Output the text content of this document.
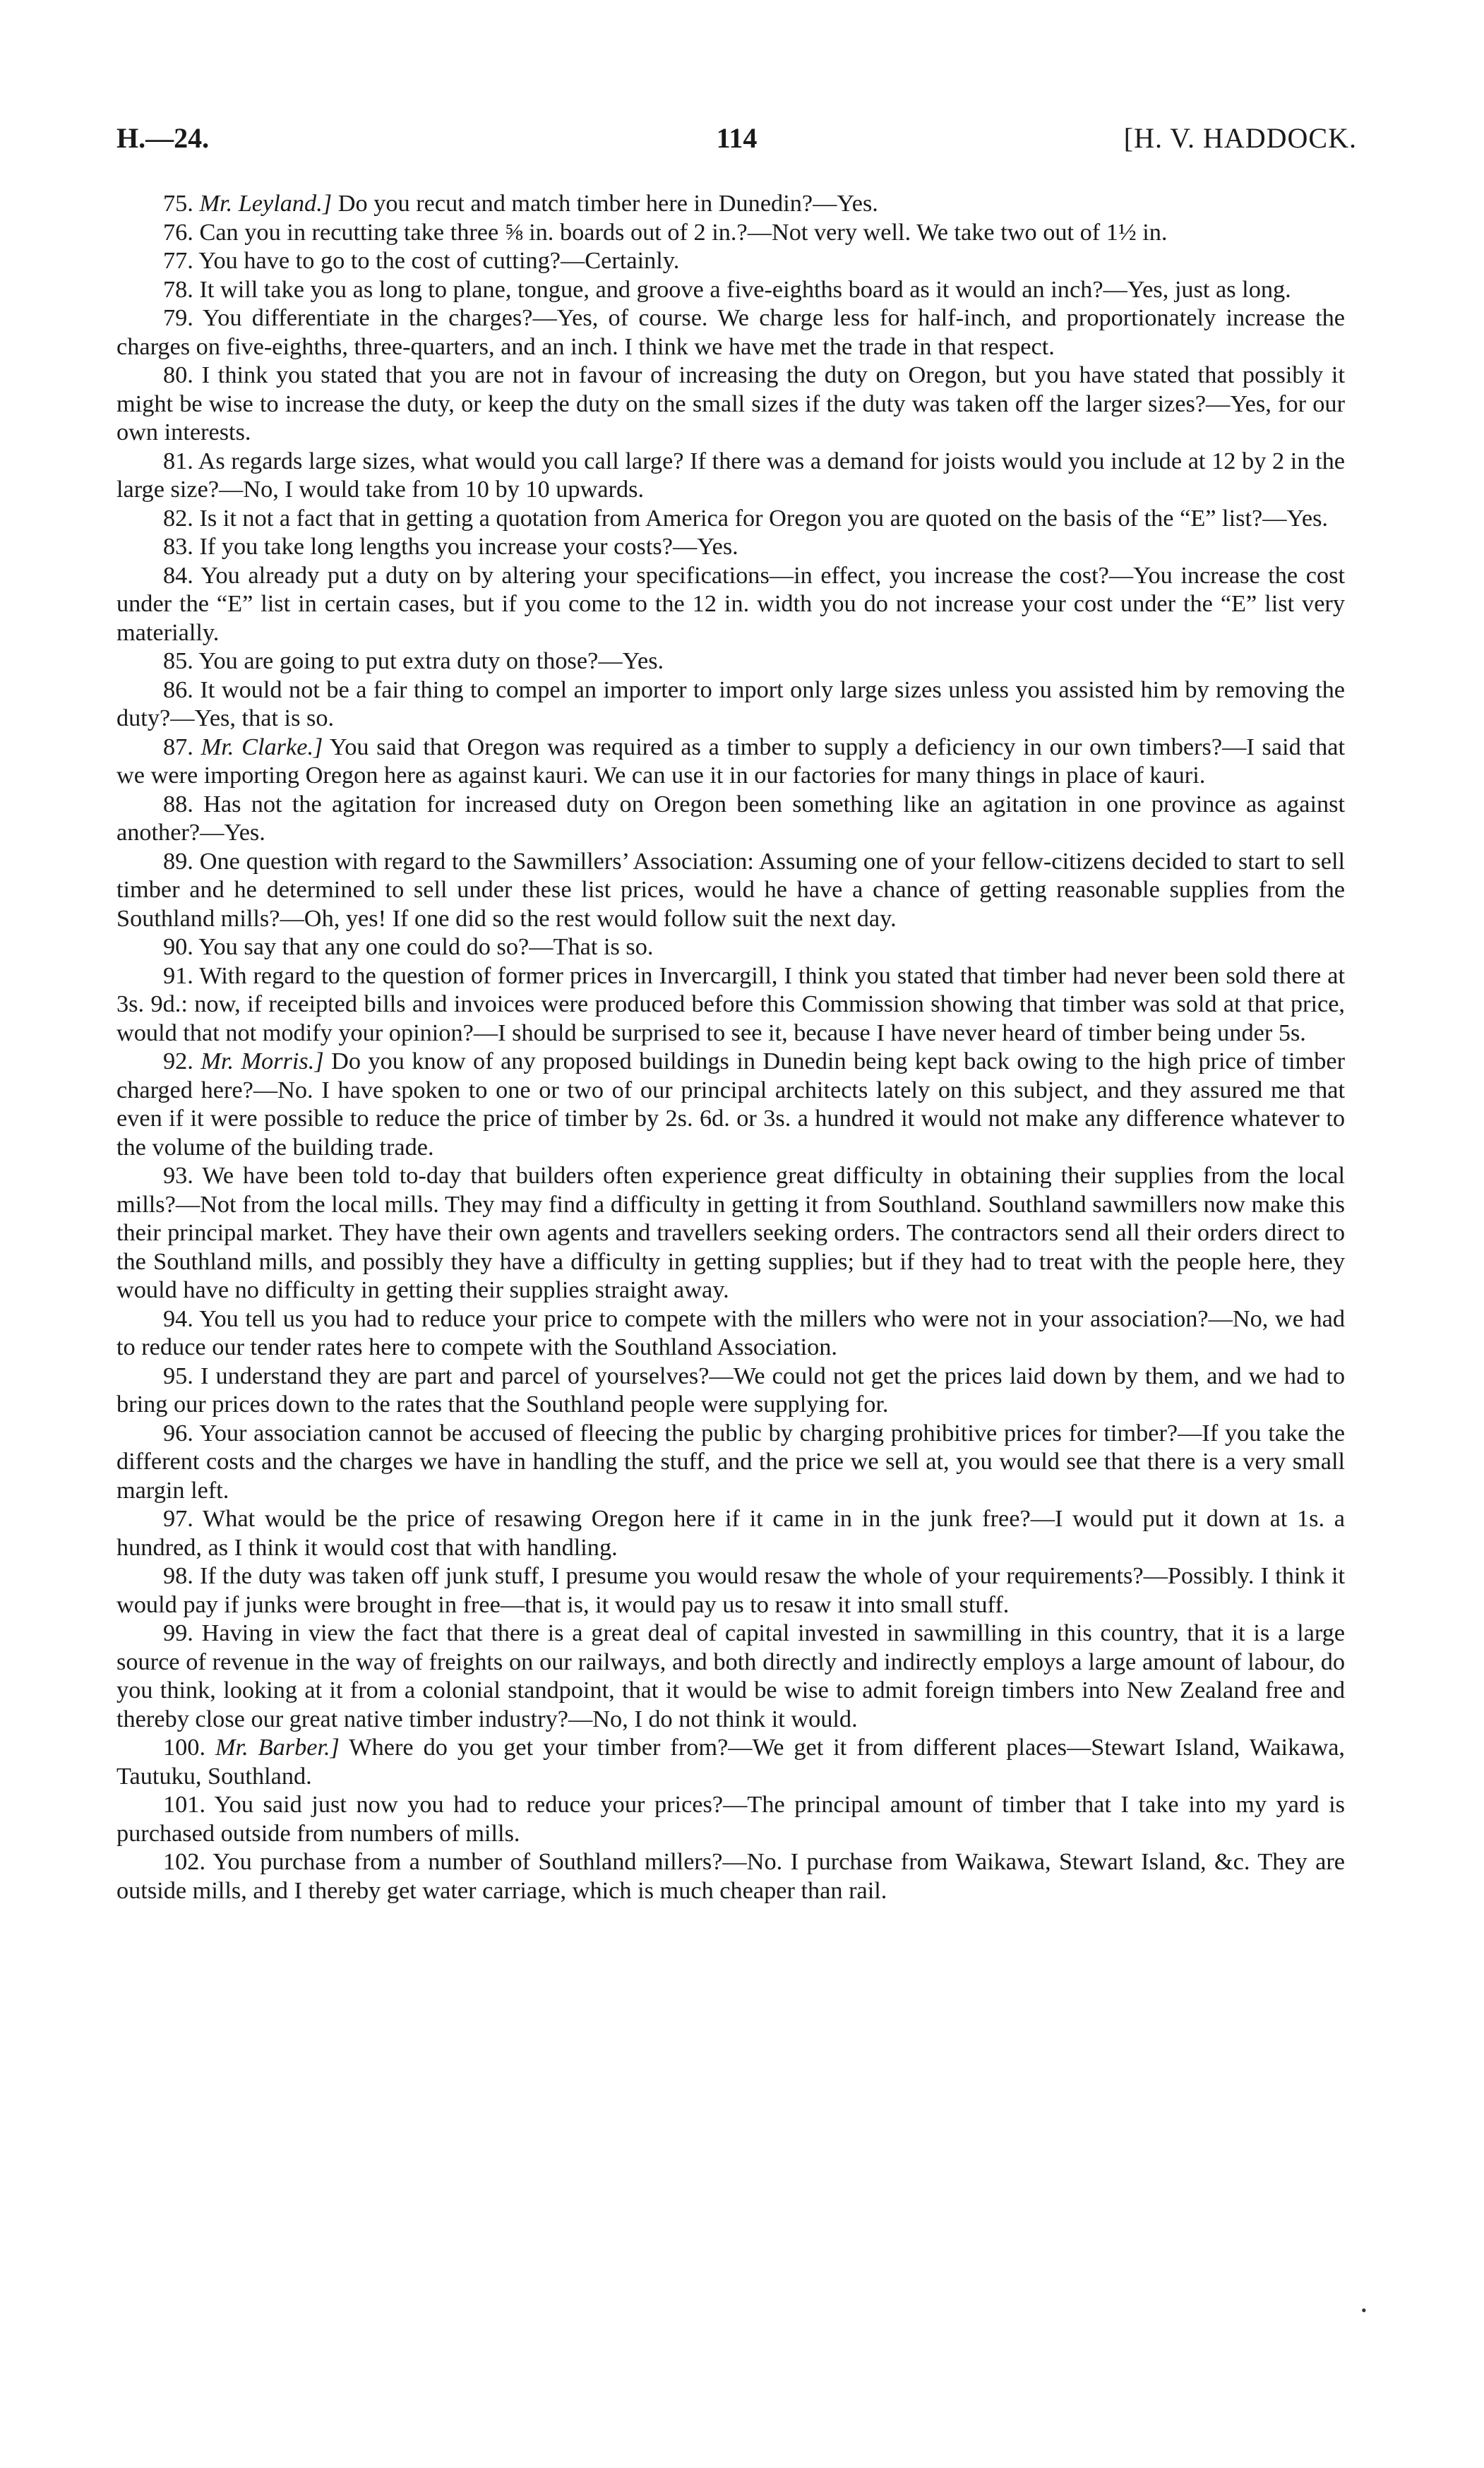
H.—24.	114	[H. V. HADDOCK.

75. Mr. Leyland.] Do you recut and match timber here in Dunedin?—Yes.

76. Can you in recutting take three ⅝ in. boards out of 2 in.?—Not very well. We take two out of 1½ in.

77. You have to go to the cost of cutting?—Certainly.

78. It will take you as long to plane, tongue, and groove a five-eighths board as it would an inch?—Yes, just as long.

79. You differentiate in the charges?—Yes, of course. We charge less for half-inch, and proportionately increase the charges on five-eighths, three-quarters, and an inch. I think we have met the trade in that respect.

80. I think you stated that you are not in favour of increasing the duty on Oregon, but you have stated that possibly it might be wise to increase the duty, or keep the duty on the small sizes if the duty was taken off the larger sizes?—Yes, for our own interests.

81. As regards large sizes, what would you call large? If there was a demand for joists would you include at 12 by 2 in the large size?—No, I would take from 10 by 10 upwards.

82. Is it not a fact that in getting a quotation from America for Oregon you are quoted on the basis of the “E” list?—Yes.

83. If you take long lengths you increase your costs?—Yes.

84. You already put a duty on by altering your specifications—in effect, you increase the cost?—You increase the cost under the “E” list in certain cases, but if you come to the 12 in. width you do not increase your cost under the “E” list very materially.

85. You are going to put extra duty on those?—Yes.

86. It would not be a fair thing to compel an importer to import only large sizes unless you assisted him by removing the duty?—Yes, that is so.

87. Mr. Clarke.] You said that Oregon was required as a timber to supply a deficiency in our own timbers?—I said that we were importing Oregon here as against kauri. We can use it in our factories for many things in place of kauri.

88. Has not the agitation for increased duty on Oregon been something like an agitation in one province as against another?—Yes.

89. One question with regard to the Sawmillers’ Association: Assuming one of your fellow-citizens decided to start to sell timber and he determined to sell under these list prices, would he have a chance of getting reasonable supplies from the Southland mills?—Oh, yes! If one did so the rest would follow suit the next day.

90. You say that any one could do so?—That is so.

91. With regard to the question of former prices in Invercargill, I think you stated that timber had never been sold there at 3s. 9d.: now, if receipted bills and invoices were produced before this Commission showing that timber was sold at that price, would that not modify your opinion?—I should be surprised to see it, because I have never heard of timber being under 5s.

92. Mr. Morris.] Do you know of any proposed buildings in Dunedin being kept back owing to the high price of timber charged here?—No. I have spoken to one or two of our principal architects lately on this subject, and they assured me that even if it were possible to reduce the price of timber by 2s. 6d. or 3s. a hundred it would not make any difference whatever to the volume of the building trade.

93. We have been told to-day that builders often experience great difficulty in obtaining their supplies from the local mills?—Not from the local mills. They may find a difficulty in getting it from Southland. Southland sawmillers now make this their principal market. They have their own agents and travellers seeking orders. The contractors send all their orders direct to the Southland mills, and possibly they have a difficulty in getting supplies; but if they had to treat with the people here, they would have no difficulty in getting their supplies straight away.

94. You tell us you had to reduce your price to compete with the millers who were not in your association?—No, we had to reduce our tender rates here to compete with the Southland Association.

95. I understand they are part and parcel of yourselves?—We could not get the prices laid down by them, and we had to bring our prices down to the rates that the Southland people were supplying for.

96. Your association cannot be accused of fleecing the public by charging prohibitive prices for timber?—If you take the different costs and the charges we have in handling the stuff, and the price we sell at, you would see that there is a very small margin left.

97. What would be the price of resawing Oregon here if it came in in the junk free?—I would put it down at 1s. a hundred, as I think it would cost that with handling.

98. If the duty was taken off junk stuff, I presume you would resaw the whole of your requirements?—Possibly. I think it would pay if junks were brought in free—that is, it would pay us to resaw it into small stuff.

99. Having in view the fact that there is a great deal of capital invested in sawmilling in this country, that it is a large source of revenue in the way of freights on our railways, and both directly and indirectly employs a large amount of labour, do you think, looking at it from a colonial standpoint, that it would be wise to admit foreign timbers into New Zealand free and thereby close our great native timber industry?—No, I do not think it would.

100. Mr. Barber.] Where do you get your timber from?—We get it from different places—Stewart Island, Waikawa, Tautuku, Southland.

101. You said just now you had to reduce your prices?—The principal amount of timber that I take into my yard is purchased outside from numbers of mills.

102. You purchase from a number of Southland millers?—No. I purchase from Waikawa, Stewart Island, &c. They are outside mills, and I thereby get water carriage, which is much cheaper than rail.

•
